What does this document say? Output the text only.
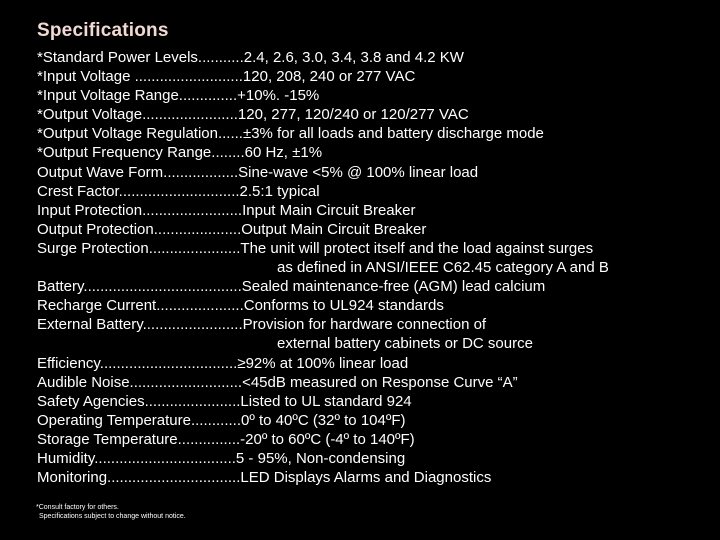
Specifications
*Standard Power Levels...........2.4, 2.6, 3.0, 3.4, 3.8 and 4.2 KW
*Input Voltage ..........................120, 208, 240 or 277 VAC
*Input Voltage Range..............+10%. -15%
*Output Voltage.......................120, 277, 120/240 or 120/277 VAC
*Output Voltage Regulation......±3% for all loads and battery discharge mode
*Output Frequency Range........60 Hz, ±1%
Output Wave Form..................Sine-wave <5% @ 100% linear load
Crest Factor.............................2.5:1 typical
Input Protection........................Input Main Circuit Breaker
Output Protection.....................Output Main Circuit Breaker
Surge Protection......................The unit will protect itself and the load against surges
as defined in ANSI/IEEE C62.45 category A and B
Battery......................................Sealed maintenance-free (AGM) lead calcium
Recharge Current.....................Conforms to UL924 standards
External Battery........................Provision for hardware connection of
external battery cabinets or DC source
Efficiency.................................≥92% at 100% linear load
Audible Noise...........................<45dB measured on Response Curve “A”
Safety Agencies.......................Listed to UL standard 924
Operating Temperature............0º to 40ºC (32º to 104ºF)
Storage Temperature...............-20º to 60ºC (-4º to 140ºF)
Humidity..................................5 - 95%, Non-condensing
Monitoring................................LED Displays Alarms and Diagnostics
*Consult factory for others.
Specifications subject to change without notice.
